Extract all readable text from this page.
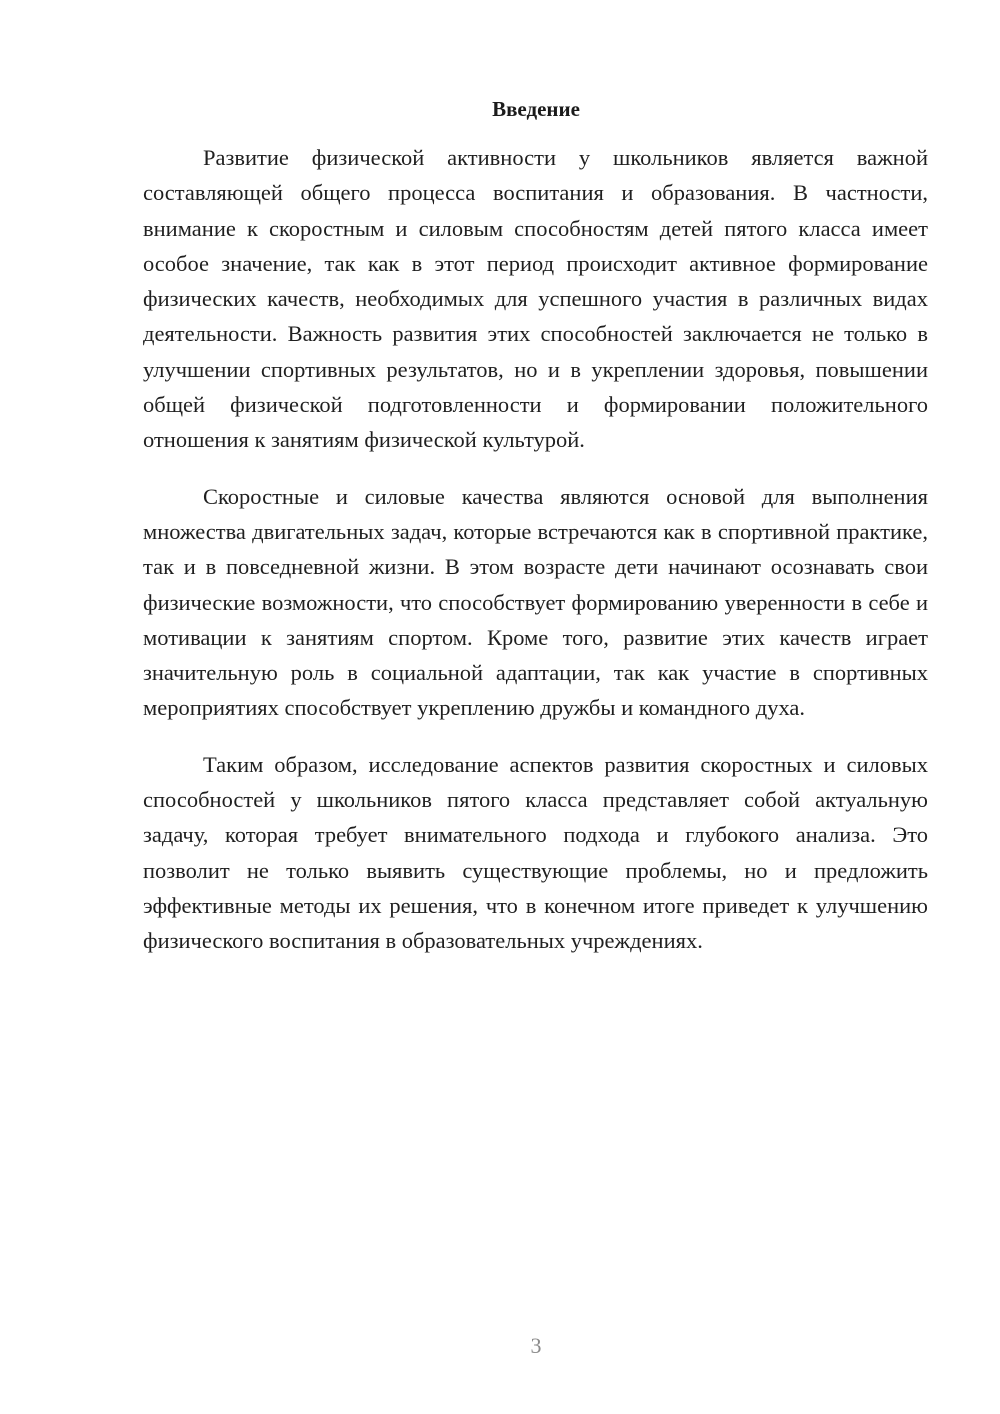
Введение

Развитие физической активности у школьников является важной составляющей общего процесса воспитания и образования. В частности, внимание к скоростным и силовым способностям детей пятого класса имеет особое значение, так как в этот период происходит активное формирование физических качеств, необходимых для успешного участия в различных видах деятельности. Важность развития этих способностей заключается не только в улучшении спортивных результатов, но и в укреплении здоровья, повышении общей физической подготовленности и формировании положительного отношения к занятиям физической культурой.

Скоростные и силовые качества являются основой для выполнения множества двигательных задач, которые встречаются как в спортивной практике, так и в повседневной жизни. В этом возрасте дети начинают осознавать свои физические возможности, что способствует формированию уверенности в себе и мотивации к занятиям спортом. Кроме того, развитие этих качеств играет значительную роль в социальной адаптации, так как участие в спортивных мероприятиях способствует укреплению дружбы и командного духа.

Таким образом, исследование аспектов развития скоростных и силовых способностей у школьников пятого класса представляет собой актуальную задачу, которая требует внимательного подхода и глубокого анализа. Это позволит не только выявить существующие проблемы, но и предложить эффективные методы их решения, что в конечном итоге приведет к улучшению физического воспитания в образовательных учреждениях.

3
